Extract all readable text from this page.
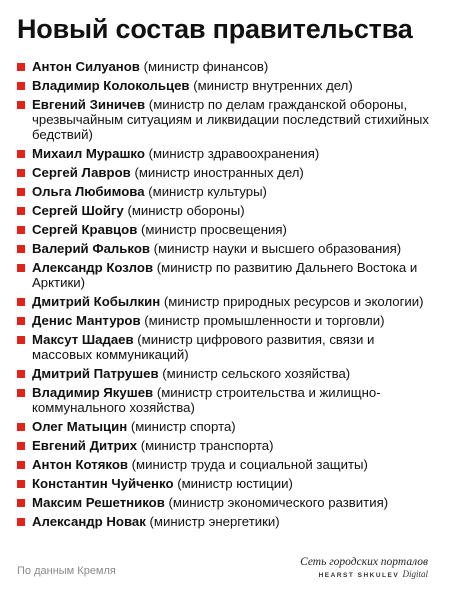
Новый состав правительства
Антон Силуанов (министр финансов)
Владимир Колокольцев (министр внутренних дел)
Евгений Зиничев (министр по делам гражданской обороны, чрезвычайным ситуациям и ликвидации последствий стихийных бедствий)
Михаил Мурашко (министр здравоохранения)
Сергей Лавров (министр иностранных дел)
Ольга Любимова (министр культуры)
Сергей Шойгу (министр обороны)
Сергей Кравцов (министр просвещения)
Валерий Фальков (министр науки и высшего образования)
Александр Козлов (министр по развитию Дальнего Востока и Арктики)
Дмитрий Кобылкин (министр природных ресурсов и экологии)
Денис Мантуров (министр промышленности и торговли)
Максут Шадаев (министр цифрового развития, связи и массовых коммуникаций)
Дмитрий Патрушев (министр сельского хозяйства)
Владимир Якушев (министр строительства и жилищно-коммунального хозяйства)
Олег Матыцин (министр спорта)
Евгений Дитрих (министр транспорта)
Антон Котяков (министр труда и социальной защиты)
Константин Чуйченко (министр юстиции)
Максим Решетников (министр экономического развития)
Александр Новак (министр энергетики)
По данным Кремля
Сеть городских порталов
HEARST SHKULEV Digital
